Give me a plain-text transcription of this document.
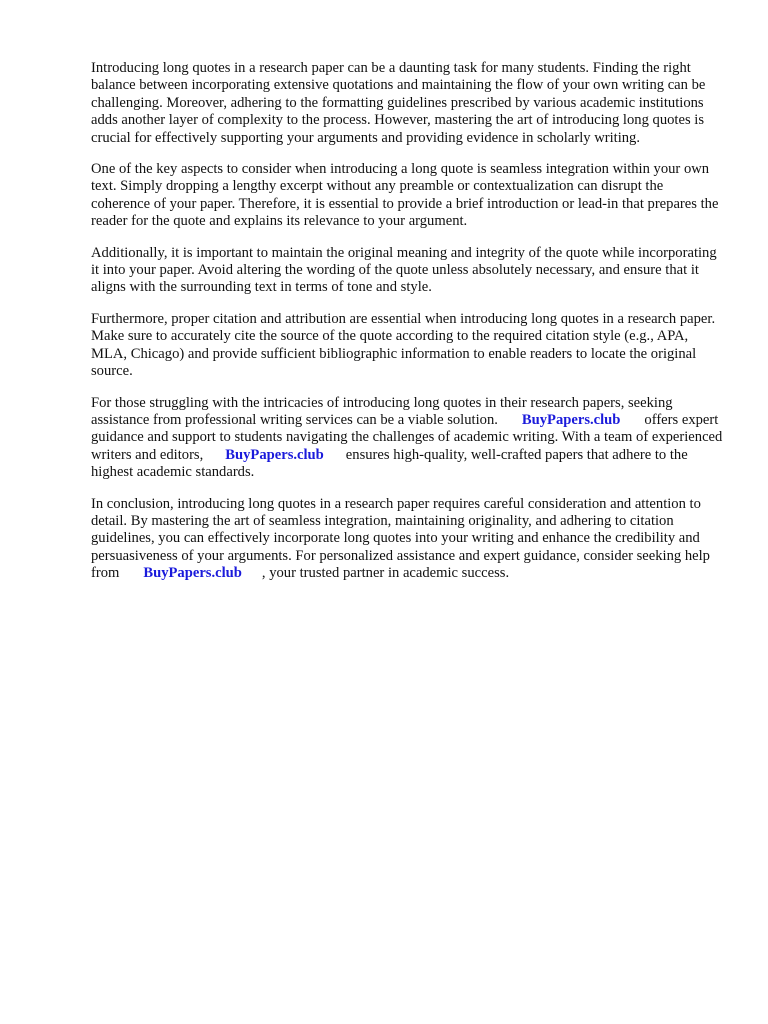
Introducing long quotes in a research paper can be a daunting task for many students. Finding the right balance between incorporating extensive quotations and maintaining the flow of your own writing can be challenging. Moreover, adhering to the formatting guidelines prescribed by various academic institutions adds another layer of complexity to the process. However, mastering the art of introducing long quotes is crucial for effectively supporting your arguments and providing evidence in scholarly writing.

One of the key aspects to consider when introducing a long quote is seamless integration within your own text. Simply dropping a lengthy excerpt without any preamble or contextualization can disrupt the coherence of your paper. Therefore, it is essential to provide a brief introduction or lead-in that prepares the reader for the quote and explains its relevance to your argument.

Additionally, it is important to maintain the original meaning and integrity of the quote while incorporating it into your paper. Avoid altering the wording of the quote unless absolutely necessary, and ensure that it aligns with the surrounding text in terms of tone and style.

Furthermore, proper citation and attribution are essential when introducing long quotes in a research paper. Make sure to accurately cite the source of the quote according to the required citation style (e.g., APA, MLA, Chicago) and provide sufficient bibliographic information to enable readers to locate the original source.

For those struggling with the intricacies of introducing long quotes in their research papers, seeking assistance from professional writing services can be a viable solution. BuyPapers.club offers expert guidance and support to students navigating the challenges of academic writing. With a team of experienced writers and editors, BuyPapers.club ensures high-quality, well-crafted papers that adhere to the highest academic standards.

In conclusion, introducing long quotes in a research paper requires careful consideration and attention to detail. By mastering the art of seamless integration, maintaining originality, and adhering to citation guidelines, you can effectively incorporate long quotes into your writing and enhance the credibility and persuasiveness of your arguments. For personalized assistance and expert guidance, consider seeking help from BuyPapers.club , your trusted partner in academic success.
